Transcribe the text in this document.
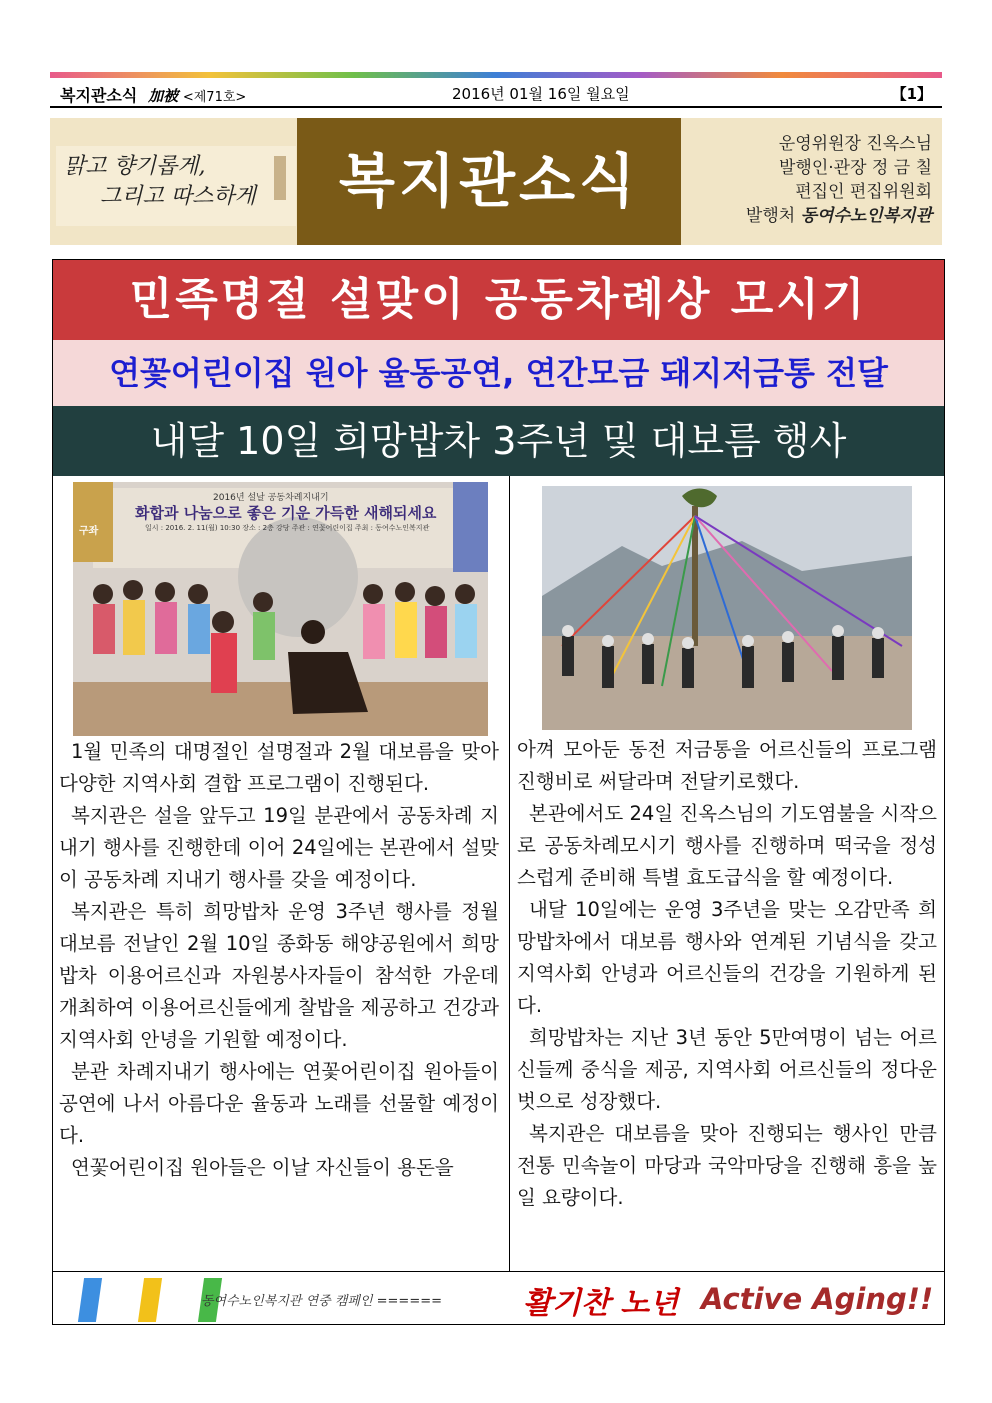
복지관소식 加被 <제71호>	2016년 01월 16일 월요일	【1】
맑고 향기롭게,
그리고 따스하게	복지관소식
운영위원장 진옥스님
발행인·관장 정 금 칠
편집인 편집위원회
발행처 동여수노인복지관
민족명절 설맞이 공동차례상 모시기
연꽃어린이집 원아 율동공연, 연간모금 돼지저금통 전달
내달 10일 희망밥차 3주년 및 대보름 행사
2016년 설날 공동차례지내기
화합과 나눔으로 좋은 기운 가득한 새해되세요
일시 : 2016. 2. 11(월) 10:30 장소 : 2층 강당 주관 : 연꽃어린이집 주최 : 동여수노인복지관
구좌

1월 민족의 대명절인 설명절과 2월 대보름을 맞아 다양한 지역사회 결합 프로그램이 진행된다.

복지관은 설을 앞두고 19일 분관에서 공동차례 지내기 행사를 진행한데 이어 24일에는 본관에서 설맞이 공동차례 지내기 행사를 갖을 예정이다.

복지관은 특히 희망밥차 운영 3주년 행사를 정월 대보름 전날인 2월 10일 종화동 해양공원에서 희망밥차 이용어르신과 자원봉사자들이 참석한 가운데 개최하여 이용어르신들에게 찰밥을 제공하고 건강과 지역사회 안녕을 기원할 예정이다.

분관 차례지내기 행사에는 연꽃어린이집 원아들이 공연에 나서 아름다운 율동과 노래를 선물할 예정이다.

연꽃어린이집 원아들은 이날 자신들이 용돈을

아껴 모아둔 동전 저금통을 어르신들의 프로그램 진행비로 써달라며 전달키로했다.

본관에서도 24일 진옥스님의 기도염불을 시작으로 공동차례모시기 행사를 진행하며 떡국을 정성스럽게 준비해 특별 효도급식을 할 예정이다.

내달 10일에는 운영 3주년을 맞는 오감만족 희망밥차에서 대보름 행사와 연계된 기념식을 갖고 지역사회 안녕과 어르신들의 건강을 기원하게 된다.

희망밥차는 지난 3년 동안 5만여명이 넘는 어르신들께 중식을 제공, 지역사회 어르신들의 정다운 벗으로 성장했다.

복지관은 대보름을 맞아 진행되는 행사인 만큼 전통 민속놀이 마당과 국악마당을 진행해 흥을 높일 요량이다.

동여수노인복지관 연중 캠페인 ======	활기찬 노년 Active Aging!!
